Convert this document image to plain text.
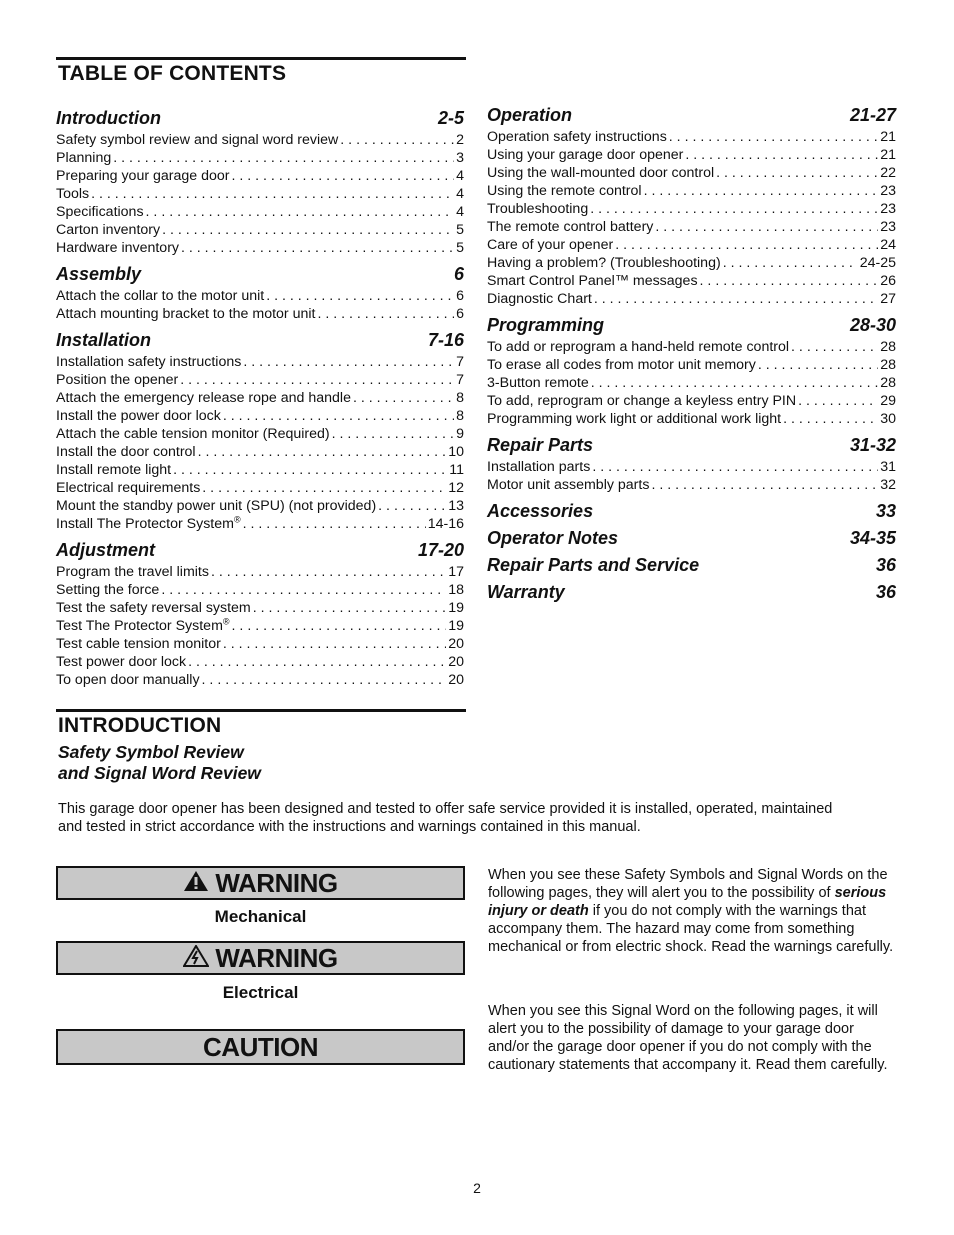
TABLE OF CONTENTS
Introduction	2-5
Safety symbol review and signal word review . . .	2
Planning . . .	3
Preparing your garage door . . .	4
Tools . . .	4
Specifications . . .	4
Carton inventory . . .	5
Hardware inventory . . .	5
Assembly	6
Attach the collar to the motor unit . . .	6
Attach mounting bracket to the motor unit . . .	6
Installation	7-16
Installation safety instructions . . .	7
Position the opener . . .	7
Attach the emergency release rope and handle . . .	8
Install the power door lock . . .	8
Attach the cable tension monitor (Required) . . .	9
Install the door control . . .	10
Install remote light . . .	11
Electrical requirements . . .	12
Mount the standby power unit (SPU) (not provided) . . .	13
Install The Protector System® . . .	14-16
Adjustment	17-20
Program the travel limits . . .	17
Setting the force . . .	18
Test the safety reversal system . . .	19
Test The Protector System® . . .	19
Test cable tension monitor . . .	20
Test power door lock . . .	20
To open door manually . . .	20
Operation	21-27
Operation safety instructions . . .	21
Using your garage door opener . . .	21
Using the wall-mounted door control . . .	22
Using the remote control . . .	23
Troubleshooting . . .	23
The remote control battery . . .	23
Care of your opener . . .	24
Having a problem? (Troubleshooting) . . .	24-25
Smart Control Panel™ messages . . .	26
Diagnostic Chart . . .	27
Programming	28-30
To add or reprogram a hand-held remote control . . .	28
To erase all codes from motor unit memory . . .	28
3-Button remote . . .	28
To add, reprogram or change a keyless entry PIN . . .	29
Programming work light or additional work light . . .	30
Repair Parts	31-32
Installation parts . . .	31
Motor unit assembly parts . . .	32
Accessories	33
Operator Notes	34-35
Repair Parts and Service	36
Warranty	36
INTRODUCTION
Safety Symbol Review
and Signal Word Review
This garage door opener has been designed and tested to offer safe service provided it is installed, operated, maintained and tested in strict accordance with the instructions and warnings contained in this manual.
WARNING
Mechanical
WARNING
Electrical
CAUTION
When you see these Safety Symbols and Signal Words on the following pages, they will alert you to the possibility of serious injury or death if you do not comply with the warnings that accompany them. The hazard may come from something mechanical or from electric shock. Read the warnings carefully.
When you see this Signal Word on the following pages, it will alert you to the possibility of damage to your garage door and/or the garage door opener if you do not comply with the cautionary statements that accompany it. Read them carefully.
2
